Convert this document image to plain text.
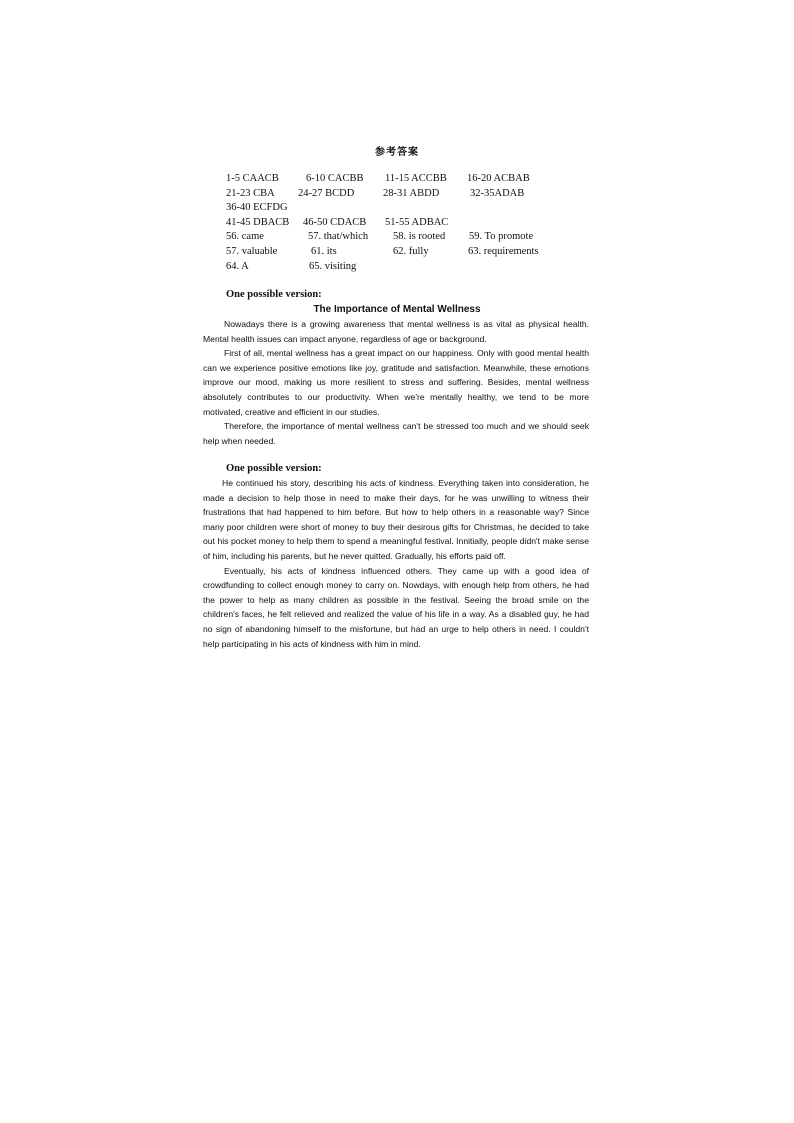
参考答案
1-5 CAACB	6-10 CACBB 11-15 ACCBB 16-20 ACBAB
21-23 CBA 24-27 BCDD	28-31 ABDD	32-35ADAB
36-40 ECFDG
41-45 DBACB 46-50 CDACB 51-55 ADBAC
56. came	57. that/which 58. is rooted 59. To promote
57. valuable	61. its	62. fully	63. requirements
64. A	65. visiting
One possible version:
The Importance of Mental Wellness

Nowadays there is a growing awareness that mental wellness is as vital as physical health. Mental health issues can impact anyone, regardless of age or background.

First of all, mental wellness has a great impact on our happiness. Only with good mental health can we experience positive emotions like joy, gratitude and satisfaction. Meanwhile, these emotions improve our mood, making us more resilient to stress and suffering. Besides, mental wellness absolutely contributes to our productivity. When we're mentally healthy, we tend to be more motivated, creative and efficient in our studies.

Therefore, the importance of mental wellness can't be stressed too much and we should seek help when needed.

One possible version:

He continued his story, describing his acts of kindness. Everything taken into consideration, he made a decision to help those in need to make their days, for he was unwilling to witness their frustrations that had happened to him before. But how to help others in a reasonable way? Since many poor children were short of money to buy their desirous gifts for Christmas, he decided to take out his pocket money to help them to spend a meaningful festival. Innitially, people didn't make sense of him, including his parents, but he never quitted. Gradually, his efforts paid off.

Eventually, his acts of kindness influenced others. They came up with a good idea of crowdfunding to collect enough money to carry on. Nowdays, with enough help from others, he had the power to help as many children as possible in the festival. Seeing the broad smile on the children's faces, he felt relieved and realized the value of his life in a way. As a disabled guy, he had no sign of abandoning himself to the misfortune, but had an urge to help others in need. I couldn't help participating in his acts of kindness with him in mind.
